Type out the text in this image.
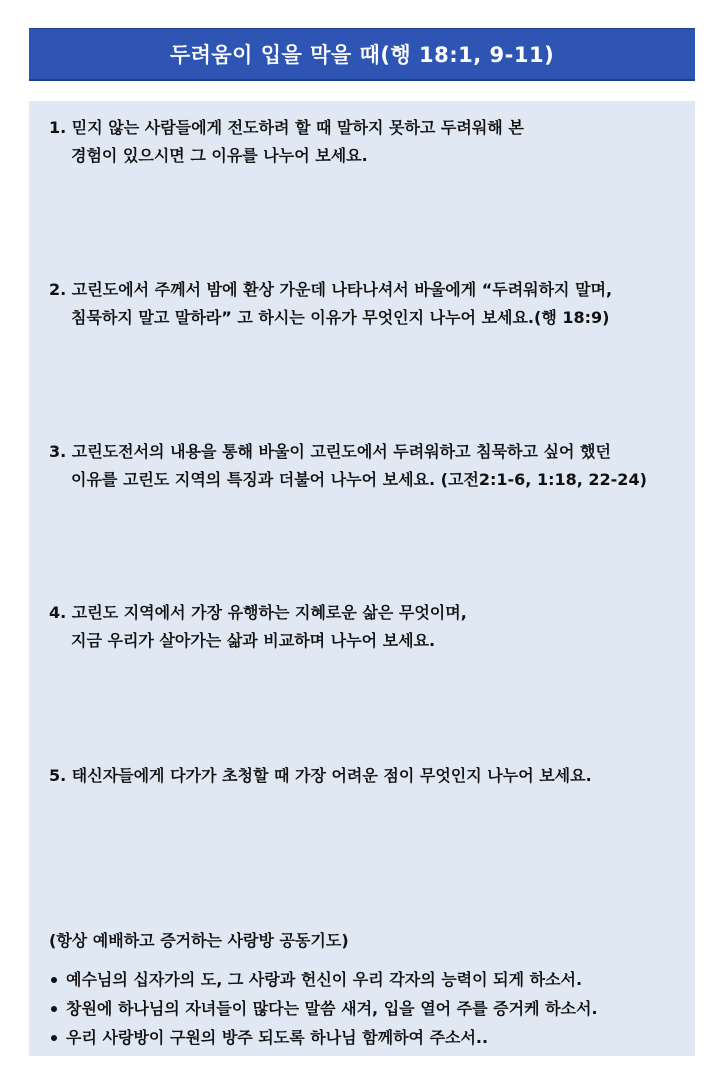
두려움이 입을 막을 때(행 18:1, 9-11)
1. 믿지 않는 사람들에게 전도하려 할 때 말하지 못하고 두려워해 본
경험이 있으시면 그 이유를 나누어 보세요.
2. 고린도에서 주께서 밤에 환상 가운데 나타나셔서 바울에게 “두려워하지 말며,
침묵하지 말고 말하라” 고 하시는 이유가 무엇인지 나누어 보세요.(행 18:9)
3. 고린도전서의 내용을 통해 바울이 고린도에서 두려워하고 침묵하고 싶어 했던
이유를 고린도 지역의 특징과 더불어 나누어 보세요. (고전2:1-6, 1:18, 22-24)
4. 고린도 지역에서 가장 유행하는 지혜로운 삶은 무엇이며,
지금 우리가 살아가는 삶과 비교하며 나누어 보세요.
5. 태신자들에게 다가가 초청할 때 가장 어려운 점이 무엇인지 나누어 보세요.
(항상 예배하고 증거하는 사랑방 공동기도)
예수님의 십자가의 도, 그 사랑과 헌신이 우리 각자의 능력이 되게 하소서.
창원에 하나님의 자녀들이 많다는 말씀 새겨, 입을 열어 주를 증거케 하소서.
우리 사랑방이 구원의 방주 되도록 하나님 함께하여 주소서..
